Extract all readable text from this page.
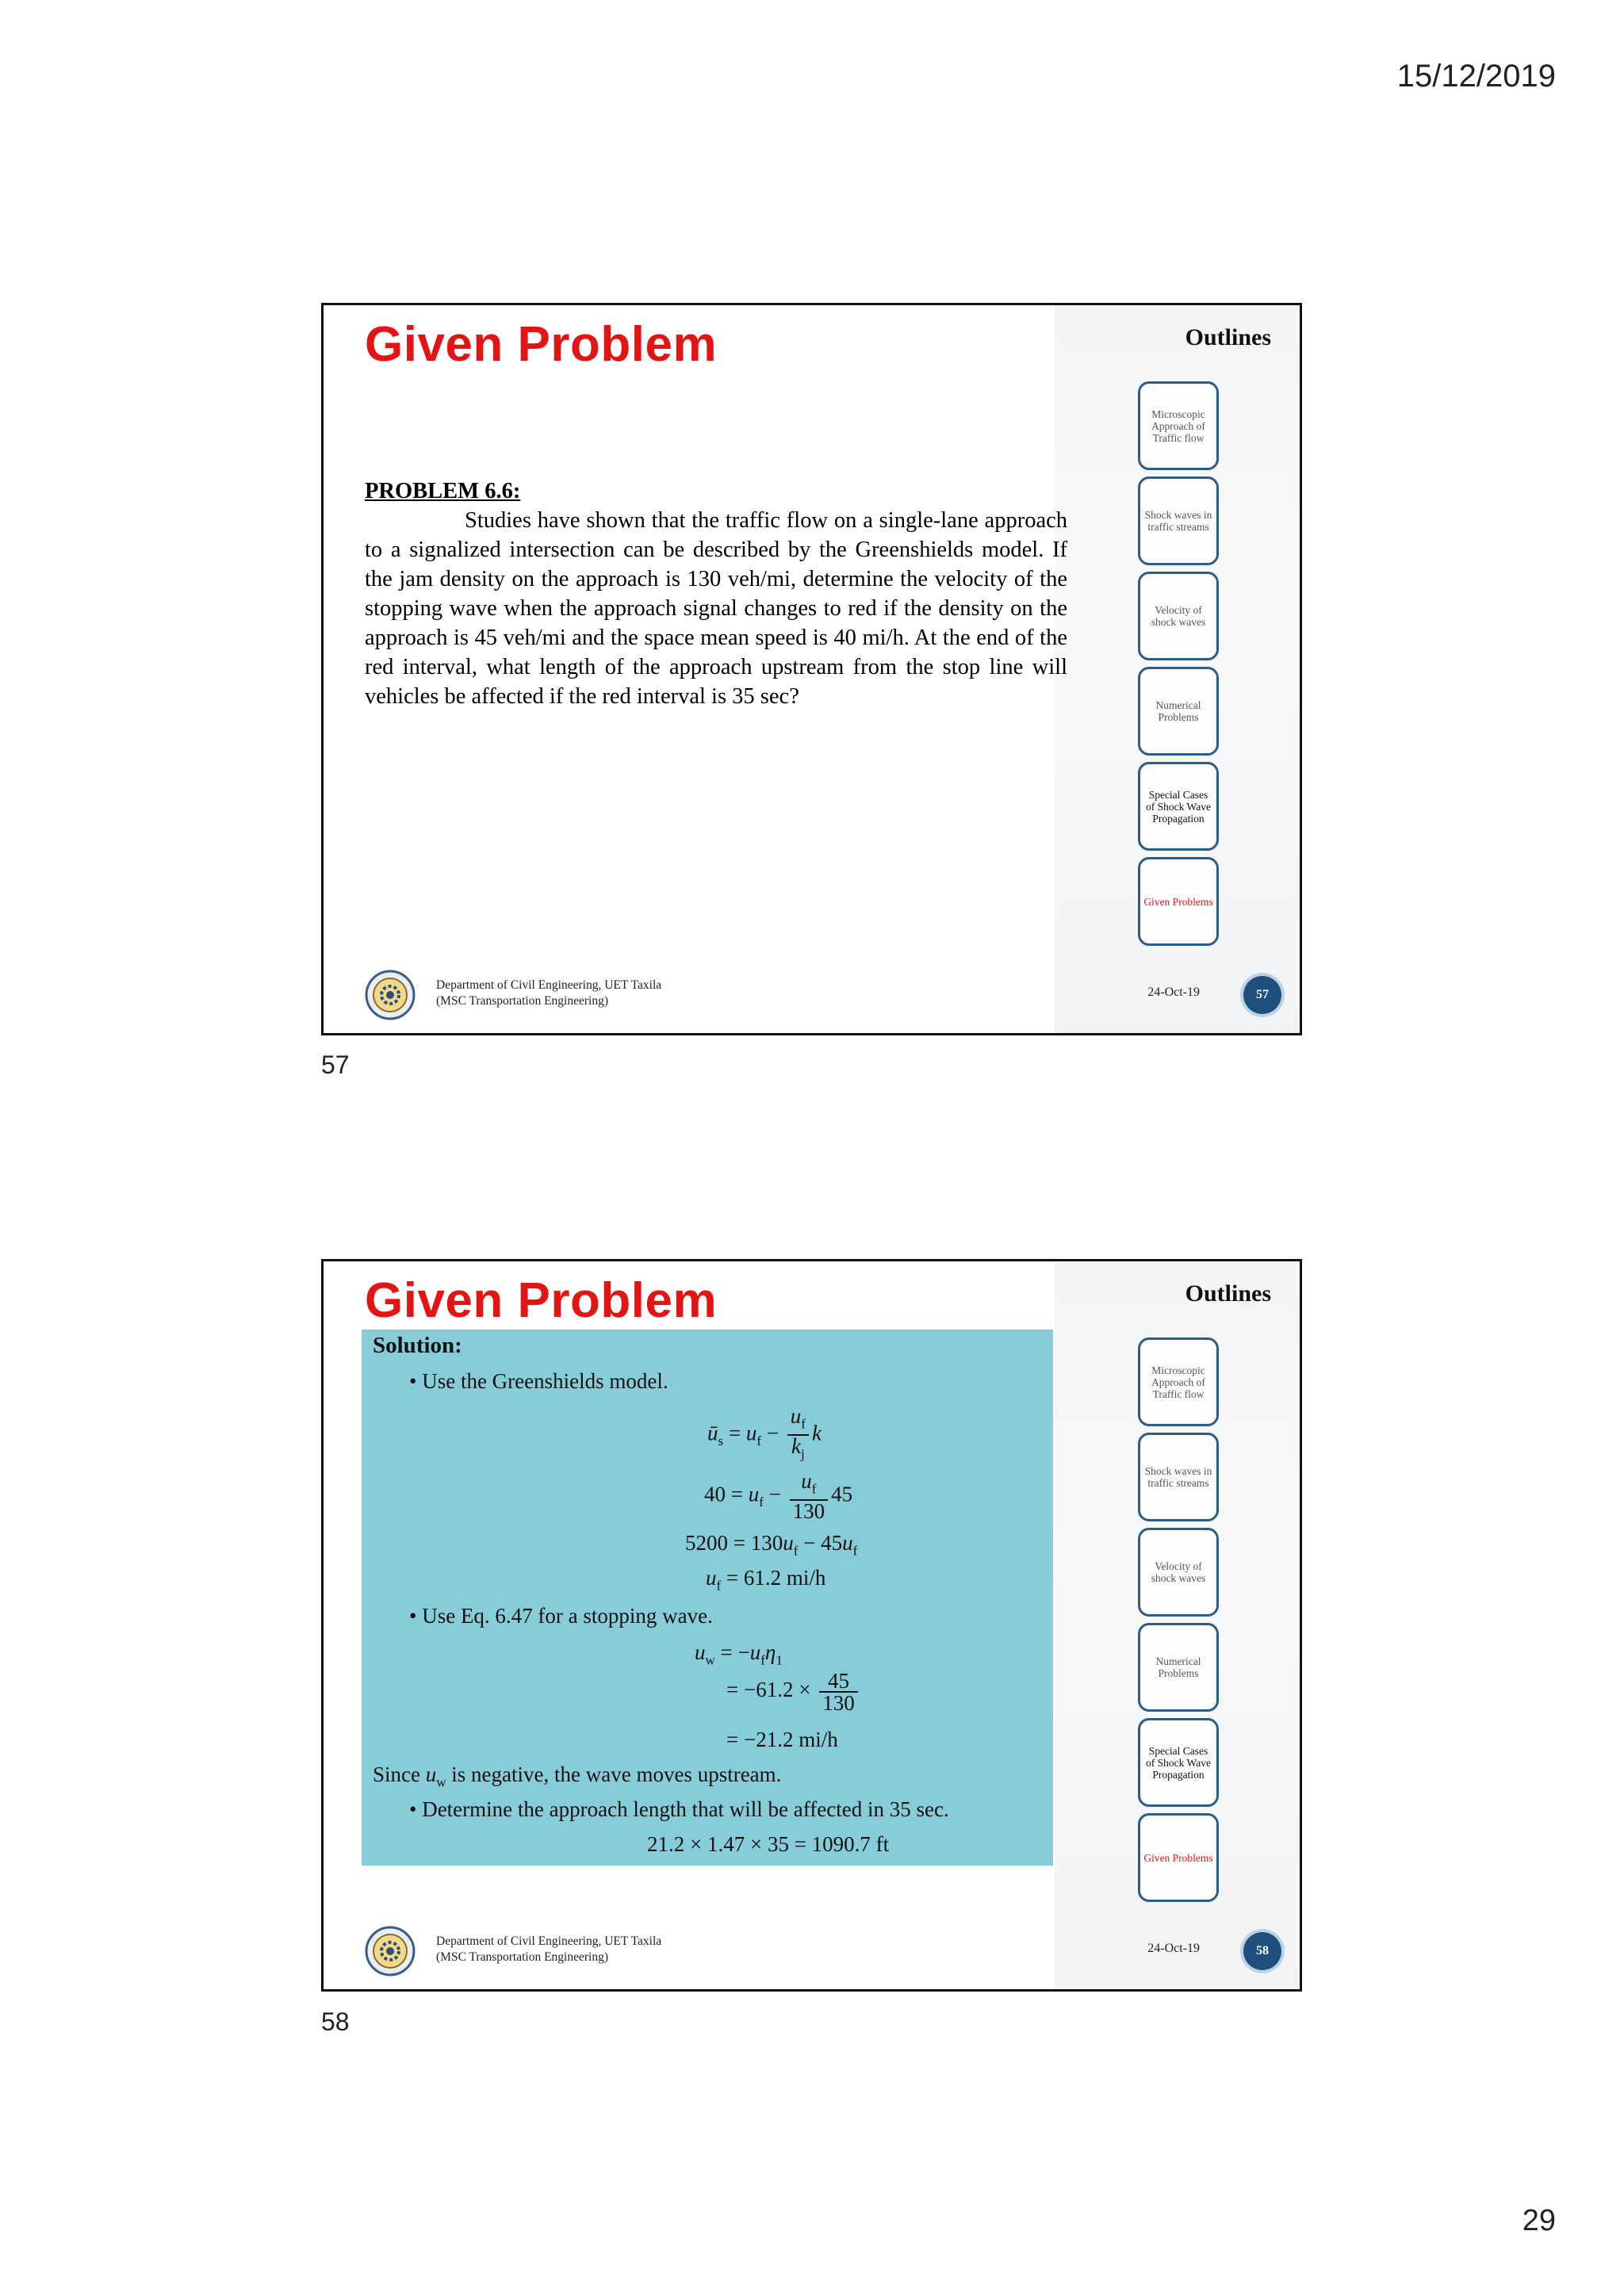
15/12/2019
Given Problem	Outlines
Microscopic Approach of Traffic flow
Shock waves in traffic streams
Velocity of shock waves
Numerical Problems
Special Cases of Shock Wave Propagation
Given Problems
PROBLEM 6.6:

Studies have shown that the traffic flow on a single-lane approach to a signalized intersection can be described by the Greenshields model. If the jam density on the approach is 130 veh/mi, determine the velocity of the stopping wave when the approach signal changes to red if the density on the approach is 45 veh/mi and the space mean speed is 40 mi/h. At the end of the red interval, what length of the approach upstream from the stop line will vehicles be affected if the red interval is 35 sec?

Department of Civil Engineering, UET Taxila
(MSC Transportation Engineering)
24-Oct-19	57
57
Given Problem	Outlines
Microscopic Approach of Traffic flow
Shock waves in traffic streams
Velocity of shock waves
Numerical Problems
Special Cases of Shock Wave Propagation
Given Problems
Solution:
• Use the Greenshields model.
$ū_s = u_f - \frac{u_f}{k_j}$ k
$40 = u_f - \frac{u_f}{130} 45$
$5200 = 130u_f - 45u_f$
$u_f = 61.2$ mi/h
• Use Eq. 6.47 for a stopping wave.
$u_w = -u_f\eta_1$
= $-61.2 \times \frac{45}{130}$
= −21.2 mi/h
Since $u_w$ is negative, the wave moves upstream.
• Determine the approach length that will be affected in 35 sec.
21.2 × 1.47 × 35 = 1090.7 ft
Department of Civil Engineering, UET Taxila
(MSC Transportation Engineering)
24-Oct-19	58
58
29
